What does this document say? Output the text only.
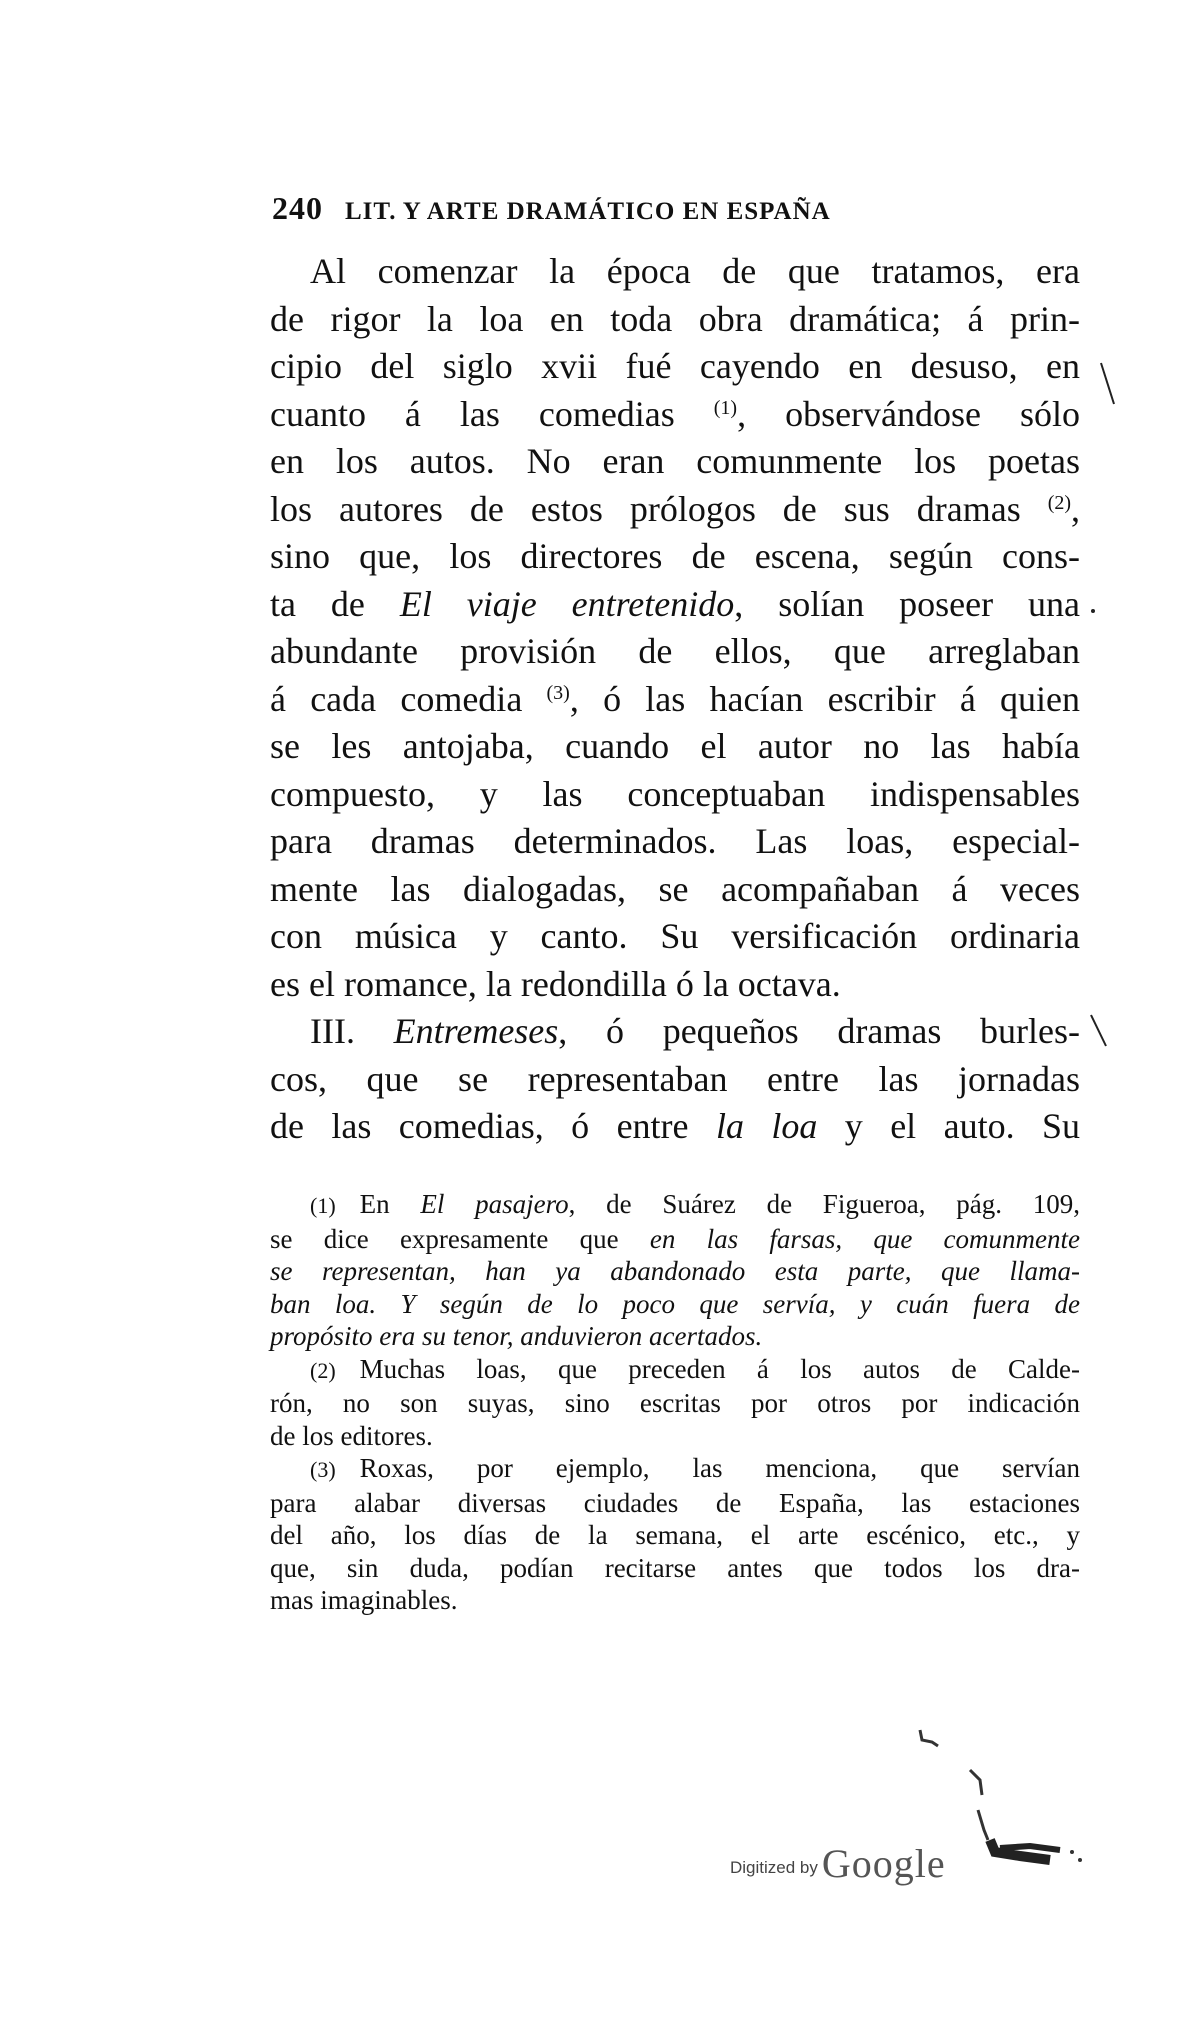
240 LIT. Y ARTE DRAMÁTICO EN ESPAÑA
Al comenzar la época de que tratamos, era
de rigor la loa en toda obra dramática; á prin-
cipio del siglo xvii fué cayendo en desuso, en
cuanto á las comedias $^{(1)}$, observándose sólo
en los autos. No eran comunmente los poetas
los autores de estos prólogos de sus dramas $^{(2)}$,
sino que, los directores de escena, según cons-
ta de El viaje entretenido, solían poseer una
abundante provisión de ellos, que arreglaban
á cada comedia $^{(3)}$, ó las hacían escribir á quien
se les antojaba, cuando el autor no las había
compuesto, y las conceptuaban indispensables
para dramas determinados. Las loas, especial-
mente las dialogadas, se acompañaban á veces
con música y canto. Su versificación ordinaria
es el romance, la redondilla ó la octava.
III. Entremeses, ó pequeños dramas burles-
cos, que se representaban entre las jornadas
de las comedias, ó entre la loa y el auto. Su
(1) En El pasajero, de Suárez de Figueroa, pág. 109,
se dice expresamente que en las farsas, que comunmente
se representan, han ya abandonado esta parte, que llama-
ban loa. Y según de lo poco que servía, y cuán fuera de
propósito era su tenor, anduvieron acertados.
(2) Muchas loas, que preceden á los autos de Calde-
rón, no son suyas, sino escritas por otros por indicación
de los editores.
(3) Roxas, por ejemplo, las menciona, que servían
para alabar diversas ciudades de España, las estaciones
del año, los días de la semana, el arte escénico, etc., y
que, sin duda, podían recitarse antes que todos los dra-
mas imaginables.
Digitized by Google
